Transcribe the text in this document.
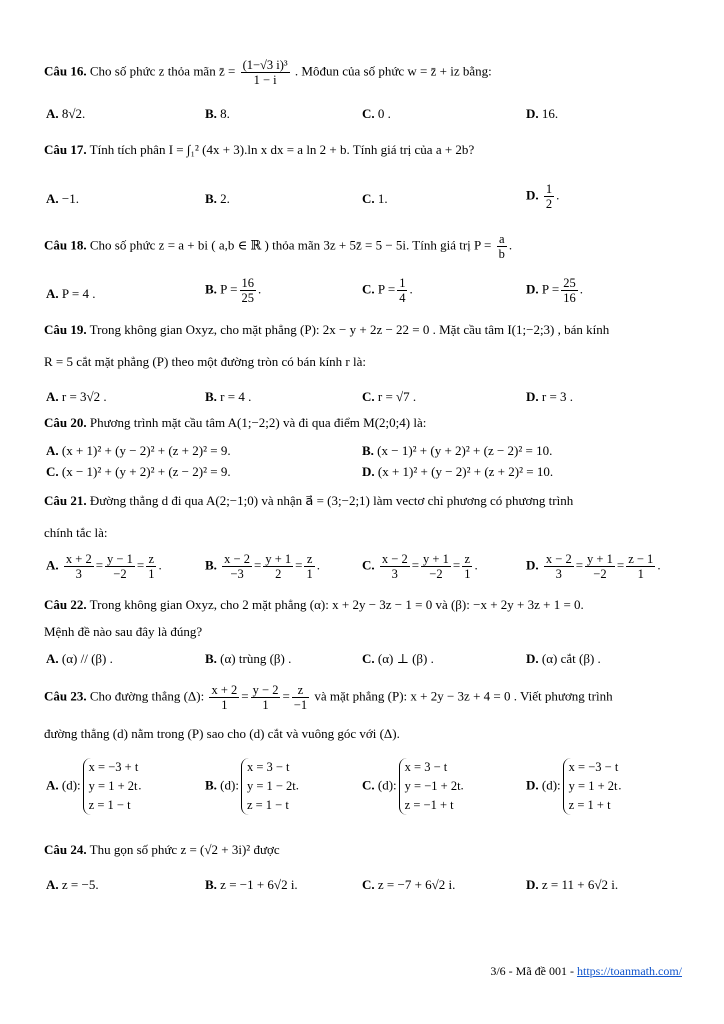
Câu 16. Cho số phức z thỏa mãn z̄ = $\frac{\text{(1−√3 i)³}}{1 - i}$ . Môđun của số phức w = z̄ + iz bằng:
A. 8√2.	B. 8.	C. 0 .	D. 16.
Câu 17. Tính tích phân I = ∫₁² (4x + 3).ln x dx = a ln 2 + b. Tính giá trị của a + 2b?
A. −1.	B. 2.	C. 1.	D. $\frac{1}{2}$ .
Câu 18. Cho số phức z = a + bi ( a,b ∈ ℝ ) thỏa mãn 3z + 5z̄ = 5 − 5i. Tính giá trị $P = \frac{a}{b}$ .
A. P = 4 .	B. $P = \frac{16}{25}$ .	C. $P = \frac{1}{4}$ .	D. $P = \frac{25}{16}$ .
Câu 19. Trong không gian Oxyz, cho mặt phẳng (P): 2x − y + 2z − 22 = 0 . Mặt cầu tâm I(1;−2;3) , bán kính
R = 5 cắt mặt phẳng (P) theo một đường tròn có bán kính r là:
A. r = 3√2 .	B. r = 4 .	C. r = √7 .	D. r = 3 .
Câu 20. Phương trình mặt cầu tâm A(1;−2;2) và đi qua điểm M(2;0;4) là:
A. (x + 1)² + (y − 2)² + (z + 2)² = 9.	B. (x − 1)² + (y + 2)² + (z − 2)² = 10.
C. (x − 1)² + (y + 2)² + (z − 2)² = 9.	D. (x + 1)² + (y − 2)² + (z + 2)² = 10.
Câu 21. Đường thẳng d đi qua A(2;−1;0) và nhận a⃗ = (3;−2;1) làm vectơ chỉ phương có phương trình
chính tắc là:
A. $\frac{x + 2}{3} = \frac{y - 1}{-2} = \frac{z}{1}$ .	B. $\frac{x - 2}{-3} = \frac{y + 1}{2} = \frac{z}{1}$ .	C. $\frac{x - 2}{3} = \frac{y + 1}{-2} = \frac{z}{1}$ .	D. $\frac{x - 2}{3} = \frac{y + 1}{-2} = \frac{z - 1}{1}$ .
Câu 22. Trong không gian Oxyz, cho 2 mặt phẳng (α): x + 2y − 3z − 1 = 0 và (β): −x + 2y + 3z + 1 = 0.
Mệnh đề nào sau đây là đúng?
A. (α) // (β) .	B. (α) trùng (β) .	C. (α) ⊥ (β) .	D. (α) cắt (β) .
Câu 23. Cho đường thẳng (Δ): $\frac{x + 2}{1} = \frac{y - 2}{1} = \frac{z}{-1}$ và mặt phẳng (P): x + 2y − 3z + 4 = 0 . Viết phương trình
đường thẳng (d) nằm trong (P) sao cho (d) cắt và vuông góc với (Δ).
A. (d):
x = −3 + t
y = 1 + 2t
z = 1 − t
.	B. (d):
x = 3 − t
y = 1 − 2t
z = 1 − t
.	C. (d):
x = 3 − t
y = −1 + 2t
z = −1 + t
.	D. (d):
x = −3 − t
y = 1 + 2t
z = 1 + t
.
Câu 24. Thu gọn số phức z = (√2 + 3i)² được
A. z = −5.	B. z = −1 + 6√2 i.	C. z = −7 + 6√2 i.	D. z = 11 + 6√2 i.
3/6 - Mã đề 001 - https://toanmath.com/
